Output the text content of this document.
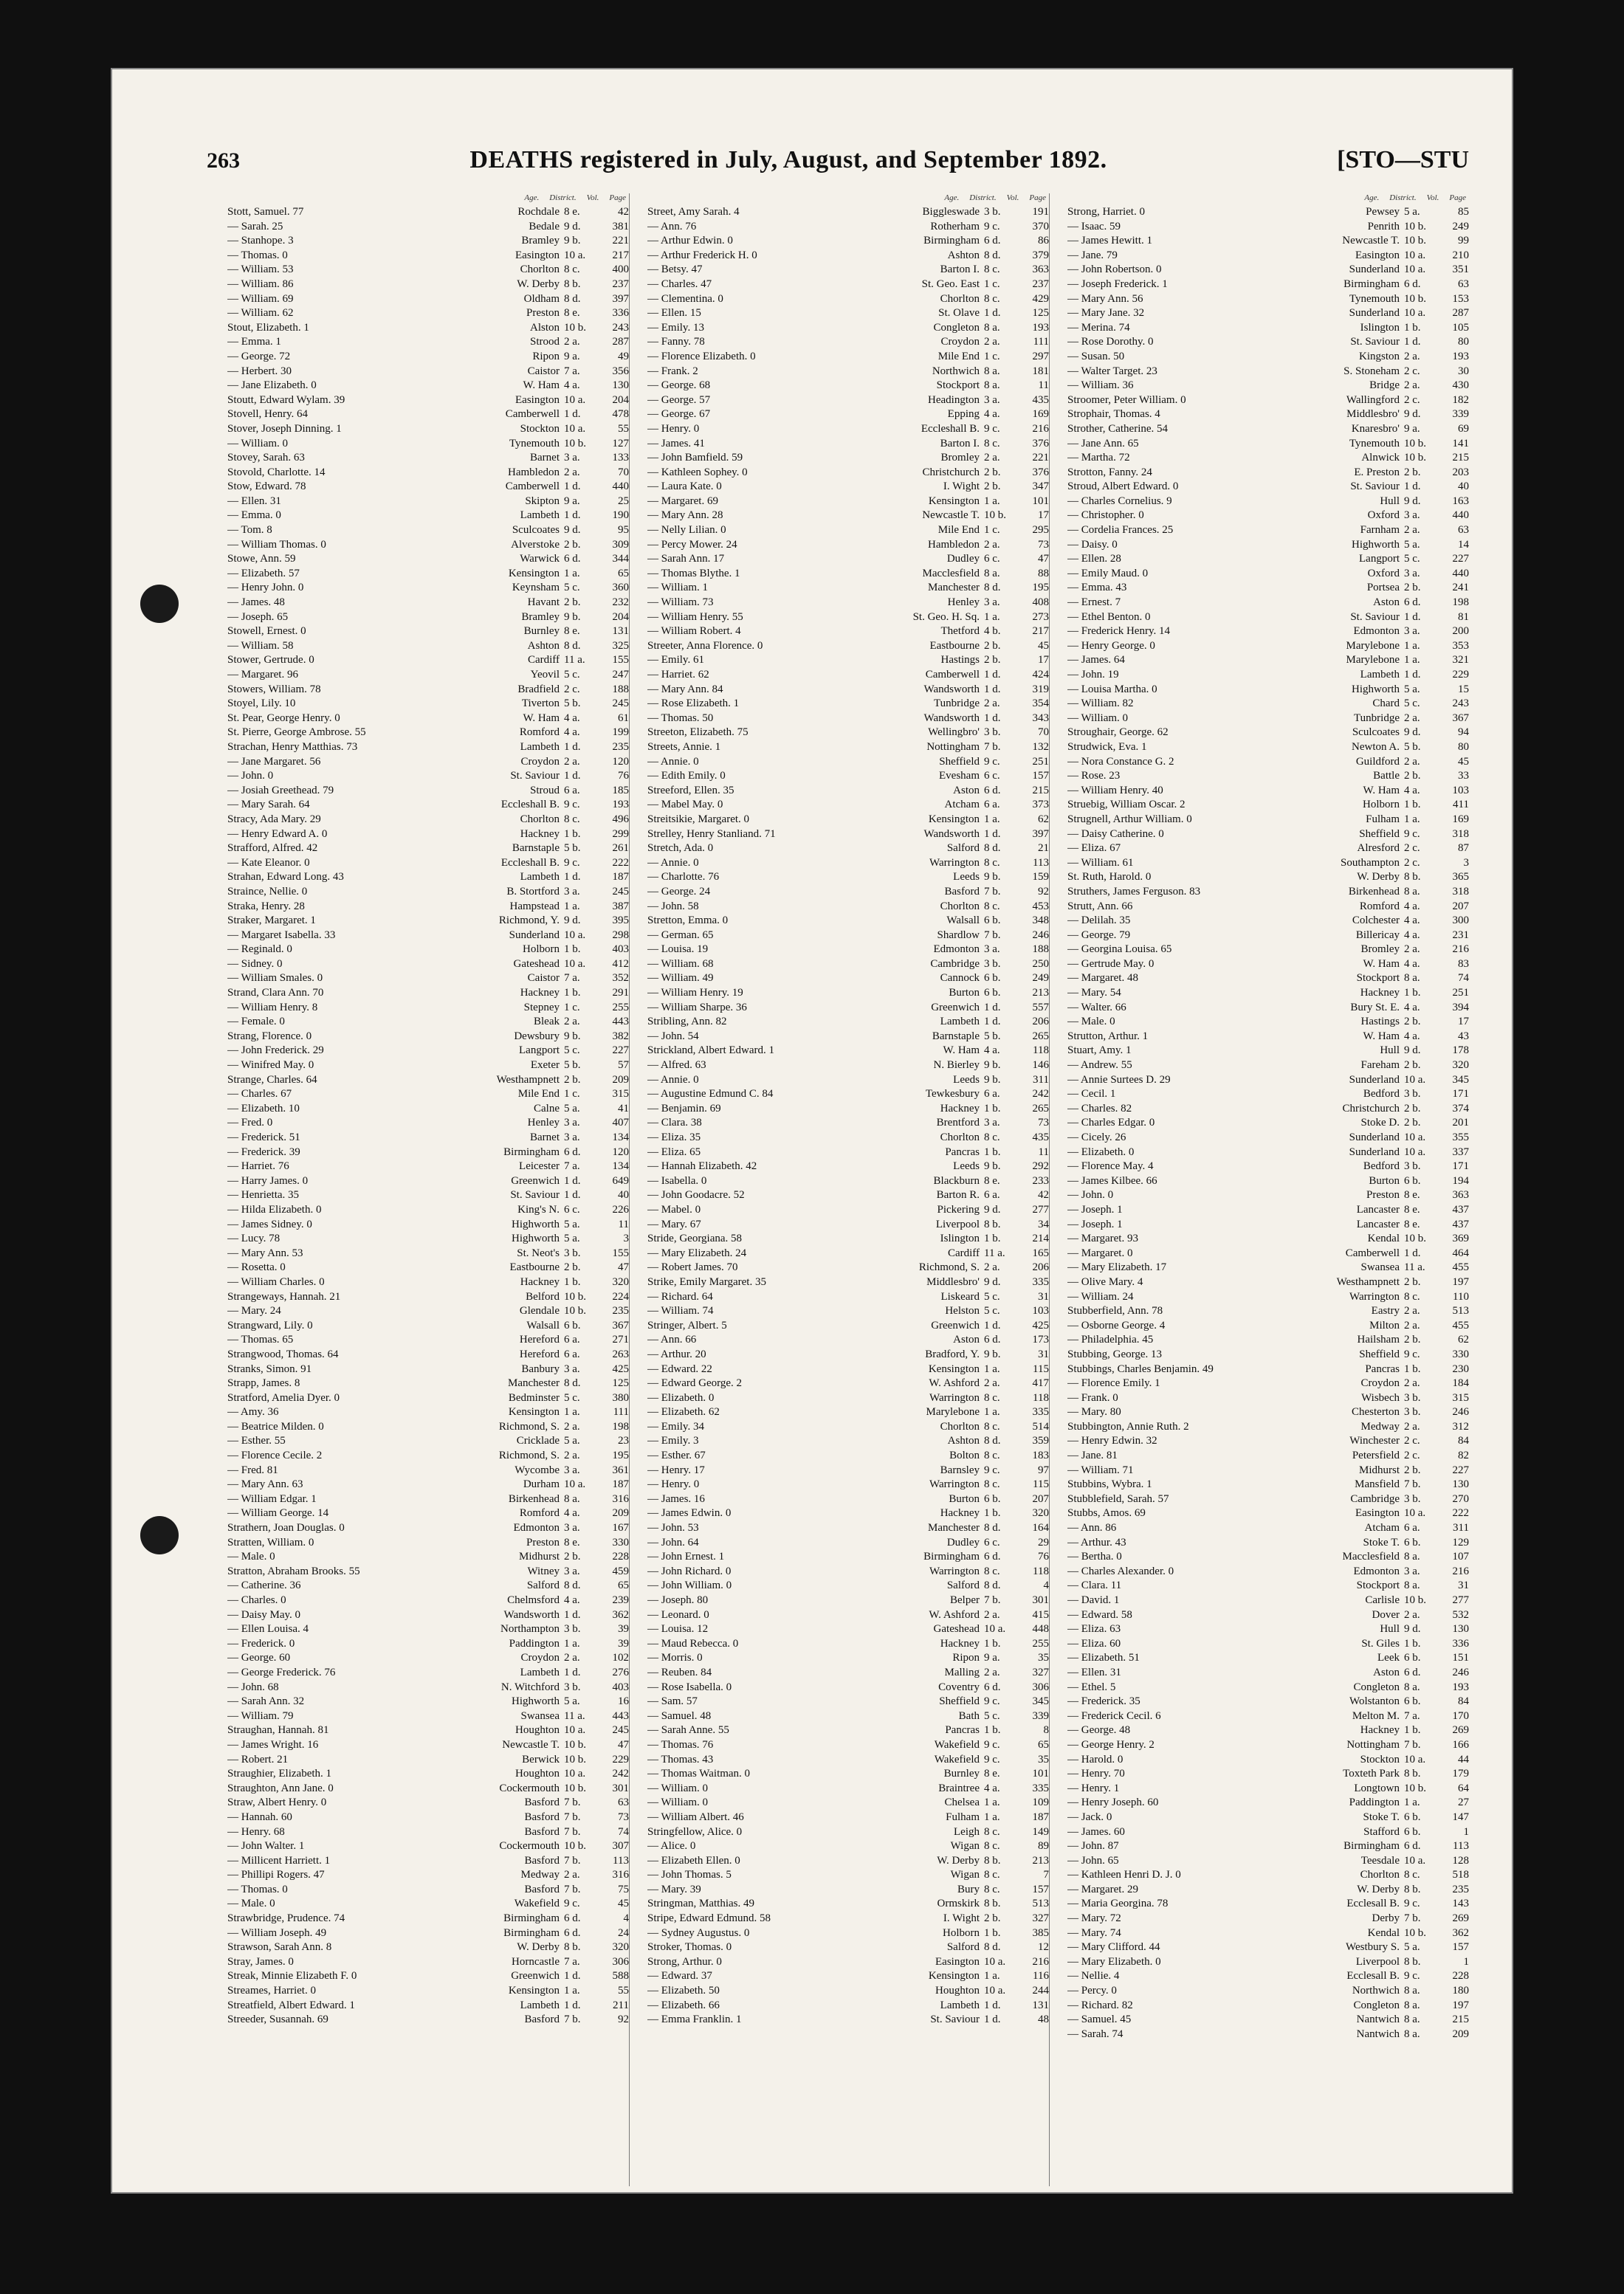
263	DEATHS registered in July, August, and September 1892.	[STO—STU
Age. District. Vol. Page
Stott, Samuel. 77	Rochdale 8 e.	42
— Sarah. 25	Bedale 9 d.	381
— Stanhope. 3	Bramley 9 b.	221
— Thomas. 0	Easington 10 a.	217
— William. 53	Chorlton 8 c.	400
— William. 86	W. Derby 8 b.	237
— William. 69	Oldham 8 d.	397
— William. 62	Preston 8 e.	336
Stout, Elizabeth. 1	Alston 10 b.	243
— Emma. 1	Strood 2 a.	287
— George. 72	Ripon 9 a.	49
— Herbert. 30	Caistor 7 a.	356
— Jane Elizabeth. 0	W. Ham 4 a.	130
Stoutt, Edward Wylam. 39	Easington 10 a.	204
Stovell, Henry. 64	Camberwell 1 d.	478
Stover, Joseph Dinning. 1	Stockton 10 a.	55
— William. 0	Tynemouth 10 b.	127
Stovey, Sarah. 63	Barnet 3 a.	133
Stovold, Charlotte. 14	Hambledon 2 a.	70
Stow, Edward. 78	Camberwell 1 d.	440
— Ellen. 31	Skipton 9 a.	25
— Emma. 0	Lambeth 1 d.	190
— Tom. 8	Sculcoates 9 d.	95
— William Thomas. 0	Alverstoke 2 b.	309
Stowe, Ann. 59	Warwick 6 d.	344
— Elizabeth. 57	Kensington 1 a.	65
— Henry John. 0	Keynsham 5 c.	360
— James. 48	Havant 2 b.	232
— Joseph. 65	Bramley 9 b.	204
Stowell, Ernest. 0	Burnley 8 e.	131
— William. 58	Ashton 8 d.	325
Stower, Gertrude. 0	Cardiff 11 a.	155
— Margaret. 96	Yeovil 5 c.	247
Stowers, William. 78	Bradfield 2 c.	188
Stoyel, Lily. 10	Tiverton 5 b.	245
St. Pear, George Henry. 0	W. Ham 4 a.	61
St. Pierre, George Ambrose. 55	Romford 4 a.	199
Strachan, Henry Matthias. 73	Lambeth 1 d.	235
— Jane Margaret. 56	Croydon 2 a.	120
— John. 0	St. Saviour 1 d.	76
— Josiah Greethead. 79	Stroud 6 a.	185
— Mary Sarah. 64	Eccleshall B. 9 c.	193
Stracy, Ada Mary. 29	Chorlton 8 c.	496
— Henry Edward A. 0	Hackney 1 b.	299
Strafford, Alfred. 42	Barnstaple 5 b.	261
— Kate Eleanor. 0	Eccleshall B. 9 c.	222
Strahan, Edward Long. 43	Lambeth 1 d.	187
Straince, Nellie. 0	B. Stortford 3 a.	245
Straka, Henry. 28	Hampstead 1 a.	387
Straker, Margaret. 1	Richmond, Y. 9 d.	395
— Margaret Isabella. 33	Sunderland 10 a.	298
— Reginald. 0	Holborn 1 b.	403
— Sidney. 0	Gateshead 10 a.	412
— William Smales. 0	Caistor 7 a.	352
Strand, Clara Ann. 70	Hackney 1 b.	291
— William Henry. 8	Stepney 1 c.	255
— Female. 0	Bleak 2 a.	443
Strang, Florence. 0	Dewsbury 9 b.	382
— John Frederick. 29	Langport 5 c.	227
— Winifred May. 0	Exeter 5 b.	57
Strange, Charles. 64	Westhampnett 2 b.	209
— Charles. 67	Mile End 1 c.	315
— Elizabeth. 10	Calne 5 a.	41
— Fred. 0	Henley 3 a.	407
— Frederick. 51	Barnet 3 a.	134
— Frederick. 39	Birmingham 6 d.	120
— Harriet. 76	Leicester 7 a.	134
— Harry James. 0	Greenwich 1 d.	649
— Henrietta. 35	St. Saviour 1 d.	40
— Hilda Elizabeth. 0	King's N. 6 c.	226
— James Sidney. 0	Highworth 5 a.	11
— Lucy. 78	Highworth 5 a.	3
— Mary Ann. 53	St. Neot's 3 b.	155
— Rosetta. 0	Eastbourne 2 b.	47
— William Charles. 0	Hackney 1 b.	320
Strangeways, Hannah. 21	Belford 10 b.	224
— Mary. 24	Glendale 10 b.	235
Strangward, Lily. 0	Walsall 6 b.	367
— Thomas. 65	Hereford 6 a.	271
Strangwood, Thomas. 64	Hereford 6 a.	263
Stranks, Simon. 91	Banbury 3 a.	425
Strapp, James. 8	Manchester 8 d.	125
Stratford, Amelia Dyer. 0	Bedminster 5 c.	380
— Amy. 36	Kensington 1 a.	111
— Beatrice Milden. 0	Richmond, S. 2 a.	198
— Esther. 55	Cricklade 5 a.	23
— Florence Cecile. 2	Richmond, S. 2 a.	195
— Fred. 81	Wycombe 3 a.	361
— Mary Ann. 63	Durham 10 a.	187
— William Edgar. 1	Birkenhead 8 a.	316
— William George. 14	Romford 4 a.	209
Strathern, Joan Douglas. 0	Edmonton 3 a.	167
Stratten, William. 0	Preston 8 e.	330
— Male. 0	Midhurst 2 b.	228
Stratton, Abraham Brooks. 55	Witney 3 a.	459
— Catherine. 36	Salford 8 d.	65
— Charles. 0	Chelmsford 4 a.	239
— Daisy May. 0	Wandsworth 1 d.	362
— Ellen Louisa. 4	Northampton 3 b.	39
— Frederick. 0	Paddington 1 a.	39
— George. 60	Croydon 2 a.	102
— George Frederick. 76	Lambeth 1 d.	276
— John. 68	N. Witchford 3 b.	403
— Sarah Ann. 32	Highworth 5 a.	16
— William. 79	Swansea 11 a.	443
Straughan, Hannah. 81	Houghton 10 a.	245
— James Wright. 16	Newcastle T. 10 b.	47
— Robert. 21	Berwick 10 b.	229
Straughier, Elizabeth. 1	Houghton 10 a.	242
Straughton, Ann Jane. 0	Cockermouth 10 b.	301
Straw, Albert Henry. 0	Basford 7 b.	63
— Hannah. 60	Basford 7 b.	73
— Henry. 68	Basford 7 b.	74
— John Walter. 1	Cockermouth 10 b.	307
— Millicent Harriett. 1	Basford 7 b.	113
— Phillipi Rogers. 47	Medway 2 a.	316
— Thomas. 0	Basford 7 b.	75
— Male. 0	Wakefield 9 c.	45
Strawbridge, Prudence. 74	Birmingham 6 d.	4
— William Joseph. 49	Birmingham 6 d.	24
Strawson, Sarah Ann. 8	W. Derby 8 b.	320
Stray, James. 0	Horncastle 7 a.	306
Streak, Minnie Elizabeth F. 0	Greenwich 1 d.	588
Streames, Harriet. 0	Kensington 1 a.	55
Streatfield, Albert Edward. 1	Lambeth 1 d.	211
Streeder, Susannah. 69	Basford 7 b.	92
Age. District. Vol. Page
Street, Amy Sarah. 4	Biggleswade 3 b.	191
— Ann. 76	Rotherham 9 c.	370
— Arthur Edwin. 0	Birmingham 6 d.	86
— Arthur Frederick H. 0	Ashton 8 d.	379
— Betsy. 47	Barton I. 8 c.	363
— Charles. 47	St. Geo. East 1 c.	237
— Clementina. 0	Chorlton 8 c.	429
— Ellen. 15	St. Olave 1 d.	125
— Emily. 13	Congleton 8 a.	193
— Fanny. 78	Croydon 2 a.	111
— Florence Elizabeth. 0	Mile End 1 c.	297
— Frank. 2	Northwich 8 a.	181
— George. 68	Stockport 8 a.	11
— George. 57	Headington 3 a.	435
— George. 67	Epping 4 a.	169
— Henry. 0	Eccleshall B. 9 c.	216
— James. 41	Barton I. 8 c.	376
— John Bamfield. 59	Bromley 2 a.	221
— Kathleen Sophey. 0	Christchurch 2 b.	376
— Laura Kate. 0	I. Wight 2 b.	347
— Margaret. 69	Kensington 1 a.	101
— Mary Ann. 28	Newcastle T. 10 b.	17
— Nelly Lilian. 0	Mile End 1 c.	295
— Percy Mower. 24	Hambledon 2 a.	73
— Sarah Ann. 17	Dudley 6 c.	47
— Thomas Blythe. 1	Macclesfield 8 a.	88
— William. 1	Manchester 8 d.	195
— William. 73	Henley 3 a.	408
— William Henry. 55	St. Geo. H. Sq. 1 a.	273
— William Robert. 4	Thetford 4 b.	217
Streeter, Anna Florence. 0	Eastbourne 2 b.	45
— Emily. 61	Hastings 2 b.	17
— Harriet. 62	Camberwell 1 d.	424
— Mary Ann. 84	Wandsworth 1 d.	319
— Rose Elizabeth. 1	Tunbridge 2 a.	354
— Thomas. 50	Wandsworth 1 d.	343
Streeton, Elizabeth. 75	Wellingbro' 3 b.	70
Streets, Annie. 1	Nottingham 7 b.	132
— Annie. 0	Sheffield 9 c.	251
— Edith Emily. 0	Evesham 6 c.	157
Streeford, Ellen. 35	Aston 6 d.	215
— Mabel May. 0	Atcham 6 a.	373
Streitsikie, Margaret. 0	Kensington 1 a.	62
Strelley, Henry Stanliand. 71	Wandsworth 1 d.	397
Stretch, Ada. 0	Salford 8 d.	21
— Annie. 0	Warrington 8 c.	113
— Charlotte. 76	Leeds 9 b.	159
— George. 24	Basford 7 b.	92
— John. 58	Chorlton 8 c.	453
Stretton, Emma. 0	Walsall 6 b.	348
— German. 65	Shardlow 7 b.	246
— Louisa. 19	Edmonton 3 a.	188
— William. 68	Cambridge 3 b.	250
— William. 49	Cannock 6 b.	249
— William Henry. 19	Burton 6 b.	213
— William Sharpe. 36	Greenwich 1 d.	557
Stribling, Ann. 82	Lambeth 1 d.	206
— John. 54	Barnstaple 5 b.	265
Strickland, Albert Edward. 1	W. Ham 4 a.	118
— Alfred. 63	N. Bierley 9 b.	146
— Annie. 0	Leeds 9 b.	311
— Augustine Edmund C. 84	Tewkesbury 6 a.	242
— Benjamin. 69	Hackney 1 b.	265
— Clara. 38	Brentford 3 a.	73
— Eliza. 35	Chorlton 8 c.	435
— Eliza. 65	Pancras 1 b.	11
— Hannah Elizabeth. 42	Leeds 9 b.	292
— Isabella. 0	Blackburn 8 e.	233
— John Goodacre. 52	Barton R. 6 a.	42
— Mabel. 0	Pickering 9 d.	277
— Mary. 67	Liverpool 8 b.	34
Stride, Georgiana. 58	Islington 1 b.	214
— Mary Elizabeth. 24	Cardiff 11 a.	165
— Robert James. 70	Richmond, S. 2 a.	206
Strike, Emily Margaret. 35	Middlesbro' 9 d.	335
— Richard. 64	Liskeard 5 c.	31
— William. 74	Helston 5 c.	103
Stringer, Albert. 5	Greenwich 1 d.	425
— Ann. 66	Aston 6 d.	173
— Arthur. 20	Bradford, Y. 9 b.	31
— Edward. 22	Kensington 1 a.	115
— Edward George. 2	W. Ashford 2 a.	417
— Elizabeth. 0	Warrington 8 c.	118
— Elizabeth. 62	Marylebone 1 a.	335
— Emily. 34	Chorlton 8 c.	514
— Emily. 3	Ashton 8 d.	359
— Esther. 67	Bolton 8 c.	183
— Henry. 17	Barnsley 9 c.	97
— Henry. 0	Warrington 8 c.	115
— James. 16	Burton 6 b.	207
— James Edwin. 0	Hackney 1 b.	320
— John. 53	Manchester 8 d.	164
— John. 64	Dudley 6 c.	29
— John Ernest. 1	Birmingham 6 d.	76
— John Richard. 0	Warrington 8 c.	118
— John William. 0	Salford 8 d.	4
— Joseph. 80	Belper 7 b.	301
— Leonard. 0	W. Ashford 2 a.	415
— Louisa. 12	Gateshead 10 a.	448
— Maud Rebecca. 0	Hackney 1 b.	255
— Morris. 0	Ripon 9 a.	35
— Reuben. 84	Malling 2 a.	327
— Rose Isabella. 0	Coventry 6 d.	306
— Sam. 57	Sheffield 9 c.	345
— Samuel. 48	Bath 5 c.	339
— Sarah Anne. 55	Pancras 1 b.	8
— Thomas. 76	Wakefield 9 c.	65
— Thomas. 43	Wakefield 9 c.	35
— Thomas Waitman. 0	Burnley 8 e.	101
— William. 0	Braintree 4 a.	335
— William. 0	Chelsea 1 a.	109
— William Albert. 46	Fulham 1 a.	187
Stringfellow, Alice. 0	Leigh 8 c.	149
— Alice. 0	Wigan 8 c.	89
— Elizabeth Ellen. 0	W. Derby 8 b.	213
— John Thomas. 5	Wigan 8 c.	7
— Mary. 39	Bury 8 c.	157
Stringman, Matthias. 49	Ormskirk 8 b.	513
Stripe, Edward Edmund. 58	I. Wight 2 b.	327
— Sydney Augustus. 0	Holborn 1 b.	385
Stroker, Thomas. 0	Salford 8 d.	12
Strong, Arthur. 0	Easington 10 a.	216
— Edward. 37	Kensington 1 a.	116
— Elizabeth. 50	Houghton 10 a.	244
— Elizabeth. 66	Lambeth 1 d.	131
— Emma Franklin. 1	St. Saviour 1 d.	48
Age. District. Vol. Page
Strong, Harriet. 0	Pewsey 5 a.	85
— Isaac. 59	Penrith 10 b.	249
— James Hewitt. 1	Newcastle T. 10 b.	99
— Jane. 79	Easington 10 a.	210
— John Robertson. 0	Sunderland 10 a.	351
— Joseph Frederick. 1	Birmingham 6 d.	63
— Mary Ann. 56	Tynemouth 10 b.	153
— Mary Jane. 32	Sunderland 10 a.	287
— Merina. 74	Islington 1 b.	105
— Rose Dorothy. 0	St. Saviour 1 d.	80
— Susan. 50	Kingston 2 a.	193
— Walter Target. 23	S. Stoneham 2 c.	30
— William. 36	Bridge 2 a.	430
Stroomer, Peter William. 0	Wallingford 2 c.	182
Strophair, Thomas. 4	Middlesbro' 9 d.	339
Strother, Catherine. 54	Knaresbro' 9 a.	69
— Jane Ann. 65	Tynemouth 10 b.	141
— Martha. 72	Alnwick 10 b.	215
Strotton, Fanny. 24	E. Preston 2 b.	203
Stroud, Albert Edward. 0	St. Saviour 1 d.	40
— Charles Cornelius. 9	Hull 9 d.	163
— Christopher. 0	Oxford 3 a.	440
— Cordelia Frances. 25	Farnham 2 a.	63
— Daisy. 0	Highworth 5 a.	14
— Ellen. 28	Langport 5 c.	227
— Emily Maud. 0	Oxford 3 a.	440
— Emma. 43	Portsea 2 b.	241
— Ernest. 7	Aston 6 d.	198
— Ethel Benton. 0	St. Saviour 1 d.	81
— Frederick Henry. 14	Edmonton 3 a.	200
— Henry George. 0	Marylebone 1 a.	353
— James. 64	Marylebone 1 a.	321
— John. 19	Lambeth 1 d.	229
— Louisa Martha. 0	Highworth 5 a.	15
— William. 82	Chard 5 c.	243
— William. 0	Tunbridge 2 a.	367
Stroughair, George. 62	Sculcoates 9 d.	94
Strudwick, Eva. 1	Newton A. 5 b.	80
— Nora Constance G. 2	Guildford 2 a.	45
— Rose. 23	Battle 2 b.	33
— William Henry. 40	W. Ham 4 a.	103
Struebig, William Oscar. 2	Holborn 1 b.	411
Strugnell, Arthur William. 0	Fulham 1 a.	169
— Daisy Catherine. 0	Sheffield 9 c.	318
— Eliza. 67	Alresford 2 c.	87
— William. 61	Southampton 2 c.	3
St. Ruth, Harold. 0	W. Derby 8 b.	365
Struthers, James Ferguson. 83	Birkenhead 8 a.	318
Strutt, Ann. 66	Romford 4 a.	207
— Delilah. 35	Colchester 4 a.	300
— George. 79	Billericay 4 a.	231
— Georgina Louisa. 65	Bromley 2 a.	216
— Gertrude May. 0	W. Ham 4 a.	83
— Margaret. 48	Stockport 8 a.	74
— Mary. 54	Hackney 1 b.	251
— Walter. 66	Bury St. E. 4 a.	394
— Male. 0	Hastings 2 b.	17
Strutton, Arthur. 1	W. Ham 4 a.	43
Stuart, Amy. 1	Hull 9 d.	178
— Andrew. 55	Fareham 2 b.	320
— Annie Surtees D. 29	Sunderland 10 a.	345
— Cecil. 1	Bedford 3 b.	171
— Charles. 82	Christchurch 2 b.	374
— Charles Edgar. 0	Stoke D. 2 b.	201
— Cicely. 26	Sunderland 10 a.	355
— Elizabeth. 0	Sunderland 10 a.	337
— Florence May. 4	Bedford 3 b.	171
— James Kilbee. 66	Burton 6 b.	194
— John. 0	Preston 8 e.	363
— Joseph. 1	Lancaster 8 e.	437
— Joseph. 1	Lancaster 8 e.	437
— Margaret. 93	Kendal 10 b.	369
— Margaret. 0	Camberwell 1 d.	464
— Mary Elizabeth. 17	Swansea 11 a.	455
— Olive Mary. 4	Westhampnett 2 b.	197
— William. 24	Warrington 8 c.	110
Stubberfield, Ann. 78	Eastry 2 a.	513
— Osborne George. 4	Milton 2 a.	455
— Philadelphia. 45	Hailsham 2 b.	62
Stubbing, George. 13	Sheffield 9 c.	330
Stubbings, Charles Benjamin. 49	Pancras 1 b.	230
— Florence Emily. 1	Croydon 2 a.	184
— Frank. 0	Wisbech 3 b.	315
— Mary. 80	Chesterton 3 b.	246
Stubbington, Annie Ruth. 2	Medway 2 a.	312
— Henry Edwin. 32	Winchester 2 c.	84
— Jane. 81	Petersfield 2 c.	82
— William. 71	Midhurst 2 b.	227
Stubbins, Wybra. 1	Mansfield 7 b.	130
Stubblefield, Sarah. 57	Cambridge 3 b.	270
Stubbs, Amos. 69	Easington 10 a.	222
— Ann. 86	Atcham 6 a.	311
— Arthur. 43	Stoke T. 6 b.	129
— Bertha. 0	Macclesfield 8 a.	107
— Charles Alexander. 0	Edmonton 3 a.	216
— Clara. 11	Stockport 8 a.	31
— David. 1	Carlisle 10 b.	277
— Edward. 58	Dover 2 a.	532
— Eliza. 63	Hull 9 d.	130
— Eliza. 60	St. Giles 1 b.	336
— Elizabeth. 51	Leek 6 b.	151
— Ellen. 31	Aston 6 d.	246
— Ethel. 5	Congleton 8 a.	193
— Frederick. 35	Wolstanton 6 b.	84
— Frederick Cecil. 6	Melton M. 7 a.	170
— George. 48	Hackney 1 b.	269
— George Henry. 2	Nottingham 7 b.	166
— Harold. 0	Stockton 10 a.	44
— Henry. 70	Toxteth Park 8 b.	179
— Henry. 1	Longtown 10 b.	64
— Henry Joseph. 60	Paddington 1 a.	27
— Jack. 0	Stoke T. 6 b.	147
— James. 60	Stafford 6 b.	1
— John. 87	Birmingham 6 d.	113
— John. 65	Teesdale 10 a.	128
— Kathleen Henri D. J. 0	Chorlton 8 c.	518
— Margaret. 29	W. Derby 8 b.	235
— Maria Georgina. 78	Ecclesall B. 9 c.	143
— Mary. 72	Derby 7 b.	269
— Mary. 74	Kendal 10 b.	362
— Mary Clifford. 44	Westbury S. 5 a.	157
— Mary Elizabeth. 0	Liverpool 8 b.	1
— Nellie. 4	Ecclesall B. 9 c.	228
— Percy. 0	Northwich 8 a.	180
— Richard. 82	Congleton 8 a.	197
— Samuel. 45	Nantwich 8 a.	215
— Sarah. 74	Nantwich 8 a.	209
